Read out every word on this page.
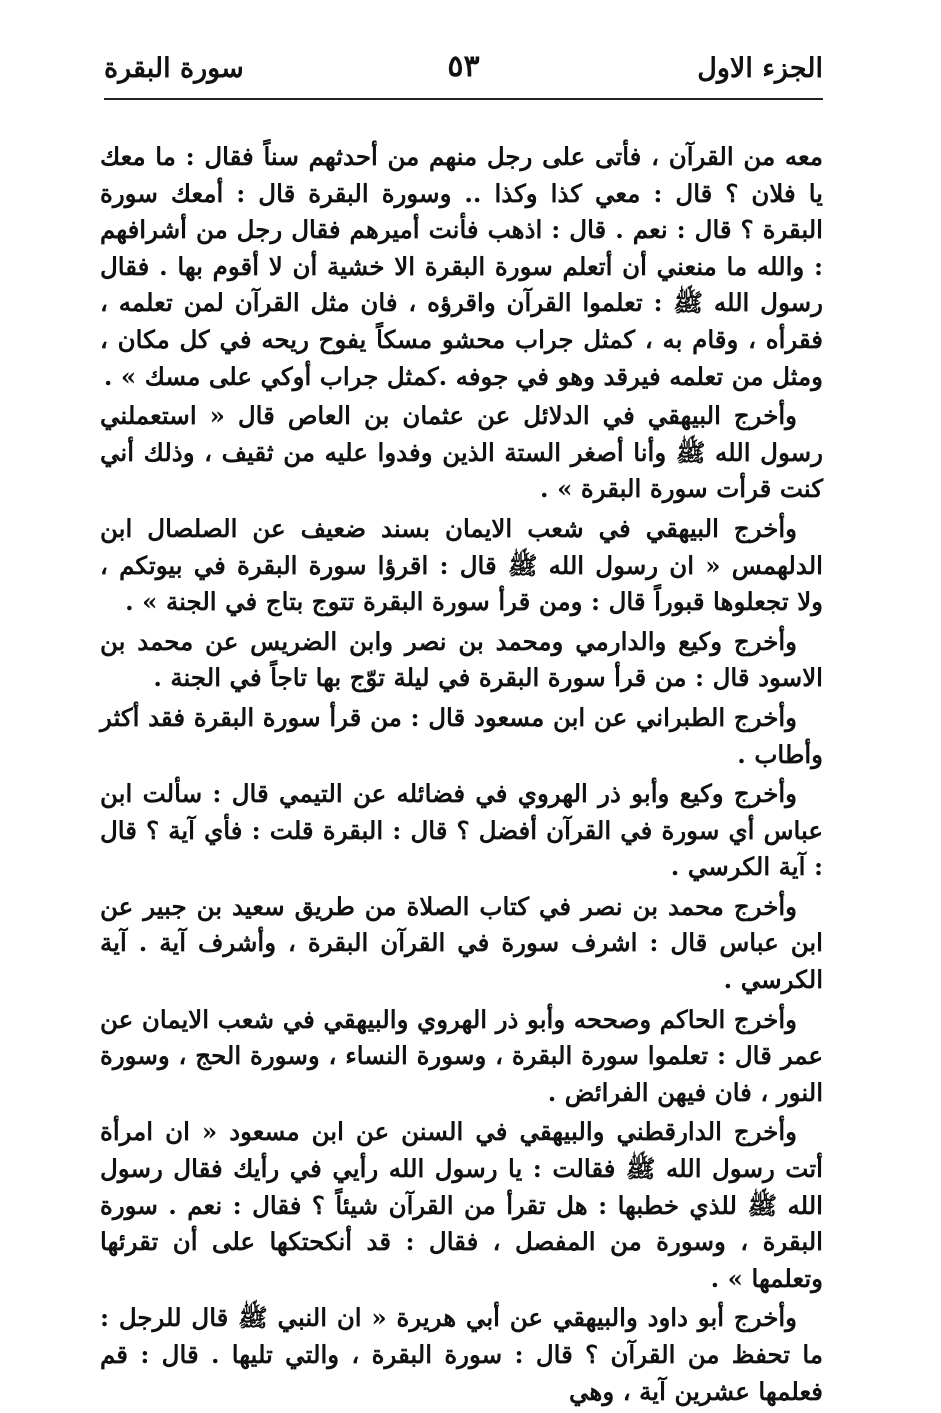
الجزء الاول
٥٣
سورة البقرة

معه من القرآن ، فأتى على رجل منهم من أحدثهم سناً فقال : ما معك يا فلان ؟ قال : معي كذا وكذا .. وسورة البقرة قال : أمعك سورة البقرة ؟ قال : نعم . قال : اذهب فأنت أميرهم فقال رجل من أشرافهم : والله ما منعني أن أتعلم سورة البقرة الا خشية أن لا أقوم بها . فقال رسول الله ﷺ : تعلموا القرآن واقرؤه ، فان مثل القرآن لمن تعلمه ، فقرأه ، وقام به ، كمثل جراب محشو مسكاً يفوح ريحه في كل مكان ، ومثل من تعلمه فيرقد وهو في جوفه .كمثل جراب أوكي على مسك » .

وأخرج البيهقي في الدلائل عن عثمان بن العاص قال « استعملني رسول الله ﷺ وأنا أصغر الستة الذين وفدوا عليه من ثقيف ، وذلك أني كنت قرأت سورة البقرة » .

وأخرج البيهقي في شعب الايمان بسند ضعيف عن الصلصال ابن الدلهمس « ان رسول الله ﷺ قال : اقرؤا سورة البقرة في بيوتكم ، ولا تجعلوها قبوراً قال : ومن قرأ سورة البقرة تتوج بتاج في الجنة » .

وأخرج وكيع والدارمي ومحمد بن نصر وابن الضريس عن محمد بن الاسود قال : من قرأ سورة البقرة في ليلة توّج بها تاجاً في الجنة .

وأخرج الطبراني عن ابن مسعود قال : من قرأ سورة البقرة فقد أكثر وأطاب .

وأخرج وكيع وأبو ذر الهروي في فضائله عن التيمي قال : سألت ابن عباس أي سورة في القرآن أفضل ؟ قال : البقرة قلت : فأي آية ؟ قال : آية الكرسي .

وأخرج محمد بن نصر في كتاب الصلاة من طريق سعيد بن جبير عن ابن عباس قال : اشرف سورة في القرآن البقرة ، وأشرف آية . آية الكرسي .

وأخرج الحاكم وصححه وأبو ذر الهروي والبيهقي في شعب الايمان عن عمر قال : تعلموا سورة البقرة ، وسورة النساء ، وسورة الحج ، وسورة النور ، فان فيهن الفرائض .

وأخرج الدارقطني والبيهقي في السنن عن ابن مسعود « ان امرأة أتت رسول الله ﷺ فقالت : يا رسول الله رأيي في رأيك فقال رسول الله ﷺ للذي خطبها : هل تقرأ من القرآن شيئاً ؟ فقال : نعم . سورة البقرة ، وسورة من المفصل ، فقال : قد أنكحتكها على أن تقرئها وتعلمها » .

وأخرج أبو داود والبيهقي عن أبي هريرة « ان النبي ﷺ قال للرجل : ما تحفظ من القرآن ؟ قال : سورة البقرة ، والتي تليها . قال : قم فعلمها عشرين آية ، وهي
